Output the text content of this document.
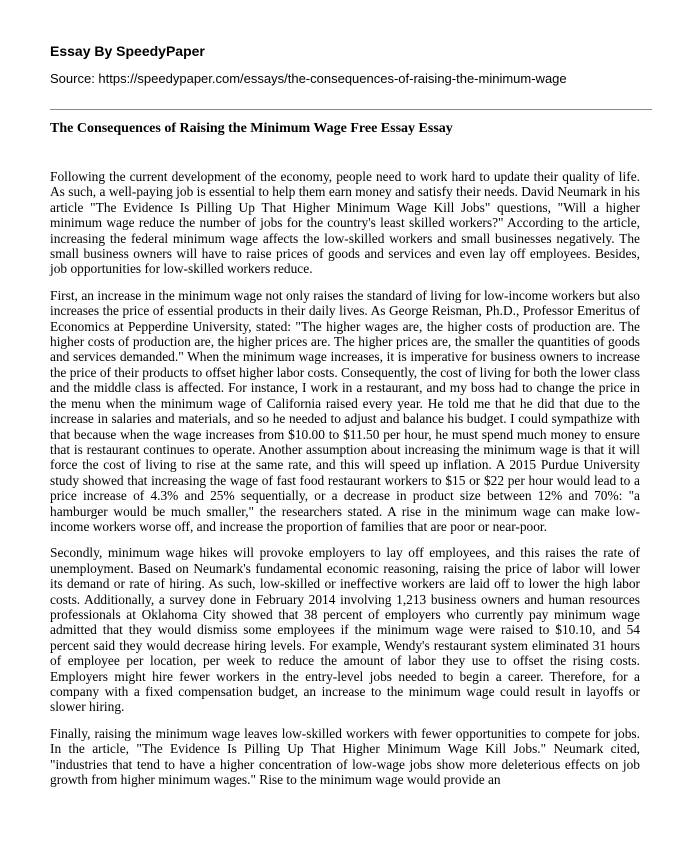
Essay By SpeedyPaper

Source: https://speedypaper.com/essays/the-consequences-of-raising-the-minimum-wage

The Consequences of Raising the Minimum Wage Free Essay Essay

Following the current development of the economy, people need to work hard to update their quality of life. As such, a well-paying job is essential to help them earn money and satisfy their needs. David Neumark in his article "The Evidence Is Pilling Up That Higher Minimum Wage Kill Jobs" questions, "Will a higher minimum wage reduce the number of jobs for the country's least skilled workers?" According to the article, increasing the federal minimum wage affects the low-skilled workers and small businesses negatively. The small business owners will have to raise prices of goods and services and even lay off employees. Besides, job opportunities for low-skilled workers reduce.

First, an increase in the minimum wage not only raises the standard of living for low-income workers but also increases the price of essential products in their daily lives. As George Reisman, Ph.D., Professor Emeritus of Economics at Pepperdine University, stated: "The higher wages are, the higher costs of production are. The higher costs of production are, the higher prices are. The higher prices are, the smaller the quantities of goods and services demanded." When the minimum wage increases, it is imperative for business owners to increase the price of their products to offset higher labor costs. Consequently, the cost of living for both the lower class and the middle class is affected. For instance, I work in a restaurant, and my boss had to change the price in the menu when the minimum wage of California raised every year. He told me that he did that due to the increase in salaries and materials, and so he needed to adjust and balance his budget. I could sympathize with that because when the wage increases from $10.00 to $11.50 per hour, he must spend much money to ensure that is restaurant continues to operate. Another assumption about increasing the minimum wage is that it will force the cost of living to rise at the same rate, and this will speed up inflation. A 2015 Purdue University study showed that increasing the wage of fast food restaurant workers to $15 or $22 per hour would lead to a price increase of 4.3% and 25% sequentially, or a decrease in product size between 12% and 70%: "a hamburger would be much smaller," the researchers stated. A rise in the minimum wage can make low-income workers worse off, and increase the proportion of families that are poor or near-poor.

Secondly, minimum wage hikes will provoke employers to lay off employees, and this raises the rate of unemployment. Based on Neumark's fundamental economic reasoning, raising the price of labor will lower its demand or rate of hiring. As such, low-skilled or ineffective workers are laid off to lower the high labor costs. Additionally, a survey done in February 2014 involving 1,213 business owners and human resources professionals at Oklahoma City showed that 38 percent of employers who currently pay minimum wage admitted that they would dismiss some employees if the minimum wage were raised to $10.10, and 54 percent said they would decrease hiring levels. For example, Wendy's restaurant system eliminated 31 hours of employee per location, per week to reduce the amount of labor they use to offset the rising costs. Employers might hire fewer workers in the entry-level jobs needed to begin a career. Therefore, for a company with a fixed compensation budget, an increase to the minimum wage could result in layoffs or slower hiring.

Finally, raising the minimum wage leaves low-skilled workers with fewer opportunities to compete for jobs. In the article, "The Evidence Is Pilling Up That Higher Minimum Wage Kill Jobs." Neumark cited, "industries that tend to have a higher concentration of low-wage jobs show more deleterious effects on job growth from higher minimum wages." Rise to the minimum wage would provide an
